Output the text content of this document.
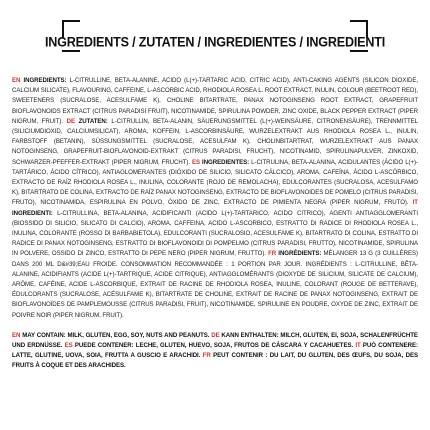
INGREDIENTS / ZUTATEN / INGREDIENTES / INGREDIENTI

EN INGREDIENTS: L-CITRULLINE, BETA-ALANINE, ACIDO (L(+)-TARTARIC ACID, CITRIC ACID), ANTI-CAKING AGENTS (SILICON DIOXIDE, CALCIUM SILICATE), FLAVOURING, CAFFEINE, L-ASCORBIC ACID, RHODIOLA ROSEA L. ROOT EXTRACT, INULIN, COLOUR (BEETROOT RED), SWEETENERS (SUCRALOSE, ACESULFAME K), CHOLINE BITARTRATE, PANAX NOTOGINSENG ROOT EXTRACT, GRAPEFRUIT BIOFLAVONOIDS EXTRACT (CITRUS PARADISI FRUIT), NICOTINAMIDE, SPIRULINA POWDER, ZINC OXIDE, BLACK PEPPER EXTRACT (PIPER NIGRUM, FRUIT). DE ZUTATEN: L-CITRULLIN, BETA-ALANIN, SÄUERUNGSMITTEL (L(+)-WEINSÄURE, CITRONENSÄURE), TRENNMITTEL (SILICIUMDIOXID, CALCIUMSILICAT), AROMA, KOFFEIN, L-ASCORBINSÄURE, WURZELEXTRAKT AUS RHODIOLA ROSEA L., INULIN, FARBSTOFF (BETANIN), SÜSSUNGSMITTEL (SUCRALOSE, ACESULFAM K), CHOLINBITARTRAT, WURZELEXTRAKT AUS PANAX NOTOGINSENG, GRAPEFRUIT-BIOFLAVONOID-EXTRAKT (CITRUS PARADISI, FRUCHT), NICOTINAMID, SPIRULINAPULVER, ZINKOXID, SCHWARZER-PFEFFER-EXTRAKT (PIPER NIGRUM, FRUCHT). ES INGREDIENTES: L-CITRULINA, BETA-ALANINA, ACIDULANTES (ÁCIDO L(+)-TARTÁRICO, ÁCIDO CÍTRICO), ANTIAGLOMERANTES (DIÓXIDO DE SILICIO, SILICATO CÁLCICO), AROMA, CAFEÍNA, ÁCIDO L-ASCÓRBICO, EXTRACTO DE RAÍZ RHODIOLA ROSEA L., INULINA, COLORANTE (ROJO DE REMOLACHA), EDULCORANTES (SUCRALOSA, ACESULFAMO K), BITARTRATO DE COLINA, EXTRACTO DE RAÍZ PANAX NOTOGINSENG, EXTRACTO DE BIOFLAVONOIDES DE POMELO (CITRUS PARADISI, FRUTO), NICOTINAMIDA, ESPIRULINA EN POLVO, ÓXIDO DE ZINC, EXTRACTO DE PIMIENTA NEGRA (PIPER NIGRUM, FRUTO). IT INGREDIENTI: L-CITRULLINA, BETA-ALANINA, ACIDIFICANTI (ACIDO L(+)-TARTARICO, ACIDO CITRICO), AGENTI ANTIAGGLOMERANTI (BIOSSIDO DI SILICIO, SILICATO DI CALCIO), AROMA, CAFFEINA, ACIDO L-ASCORBICO, ESTRATTO DI RADICE DI RHODIOLA ROSEA L., INULINA, COLORANTE (ROSSO DI BARBABIETOLA), EDULCORANTI (SUCRALOSIO, ACESULFAME K), BITARTRATO DI COLINA, ESTRATTO DI RADICE DI PANAX NOTOGINSENG, ESTRATTO DI BIOFLAVONOIDI DI POMPELMO (CITRUS PARADISI, FRUTTO), NICOTINAMIDE, SPIRULINA IN POLVERE, OSSIDO DI ZINCO, ESTRATTO DI PEPE NERO (PIPER NIGRUM, FRUTTO). FR INGRÉDIENTS: MÉLANGER 13 G (3 CUILLÈRES) DANS 200 ML D&#39;EAU FROIDE. CONSOMMATION RECOMMANDÉE : 1 PORTION PAR JOUR. INGRÉDIENTS : L-CITRULLINE, BÊTA-ALANINE, ACIDIFIANTS (ACIDE L(+)-TARTRIQUE, ACIDE CITRIQUE), ANTIAGGLOMÉRANTS (DIOXYDE DE SILICIUM, SILICATE DE CALCIUM), ARÔME, CAFÉINE, ACIDE L-ASCORBIQUE, EXTRAIT DE RACINE DE RHODIOLA ROSEA, INULINE, COLORANT (ROUGE DE BETTERAVE), ÉDULCORANTS (SUCRALOSE, ACÉSULFAME K), BITARTRATE DE CHOLINE, EXTRAIT DE RACINE DE PANAX NOTOGINSENG, EXTRAIT DE BIOFLAVONOÏDES DE PAMPLEMOUSSE (CITRUS PARADISI, FRUIT), NICOTINAMIDE, SPIRULINE EN POUDRE, OXYDE DE ZINC, EXTRAIT DE POIVRE NOIR (PIPER NIGRUM, FRUIT).

EN MAY CONTAIN: MILK, GLUTEN, EGG, SOY, NUTS AND PEANUTS. DE KANN ENTHALTEN: MILCH, GLUTEN, EI, SOJA, SCHALENFRÜCHTE UND ERDNÜSSE. ES PUEDE CONTENER: LECHE, GLUTEN, HUEVO, SOJA, FRUTOS DE CÁSCARA Y CACAHUETES. IT PUÒ CONTENERE: LATTE, GLUTINE, UOVA, SOIA, FRUTTA A GUSCIO E ARACHIDI. FR PEUT CONTENIR : DU LAIT, DU GLUTEN, DES ŒUFS, DU SOJA, DES FRUITS À COQUE ET DES ARACHIDES.
